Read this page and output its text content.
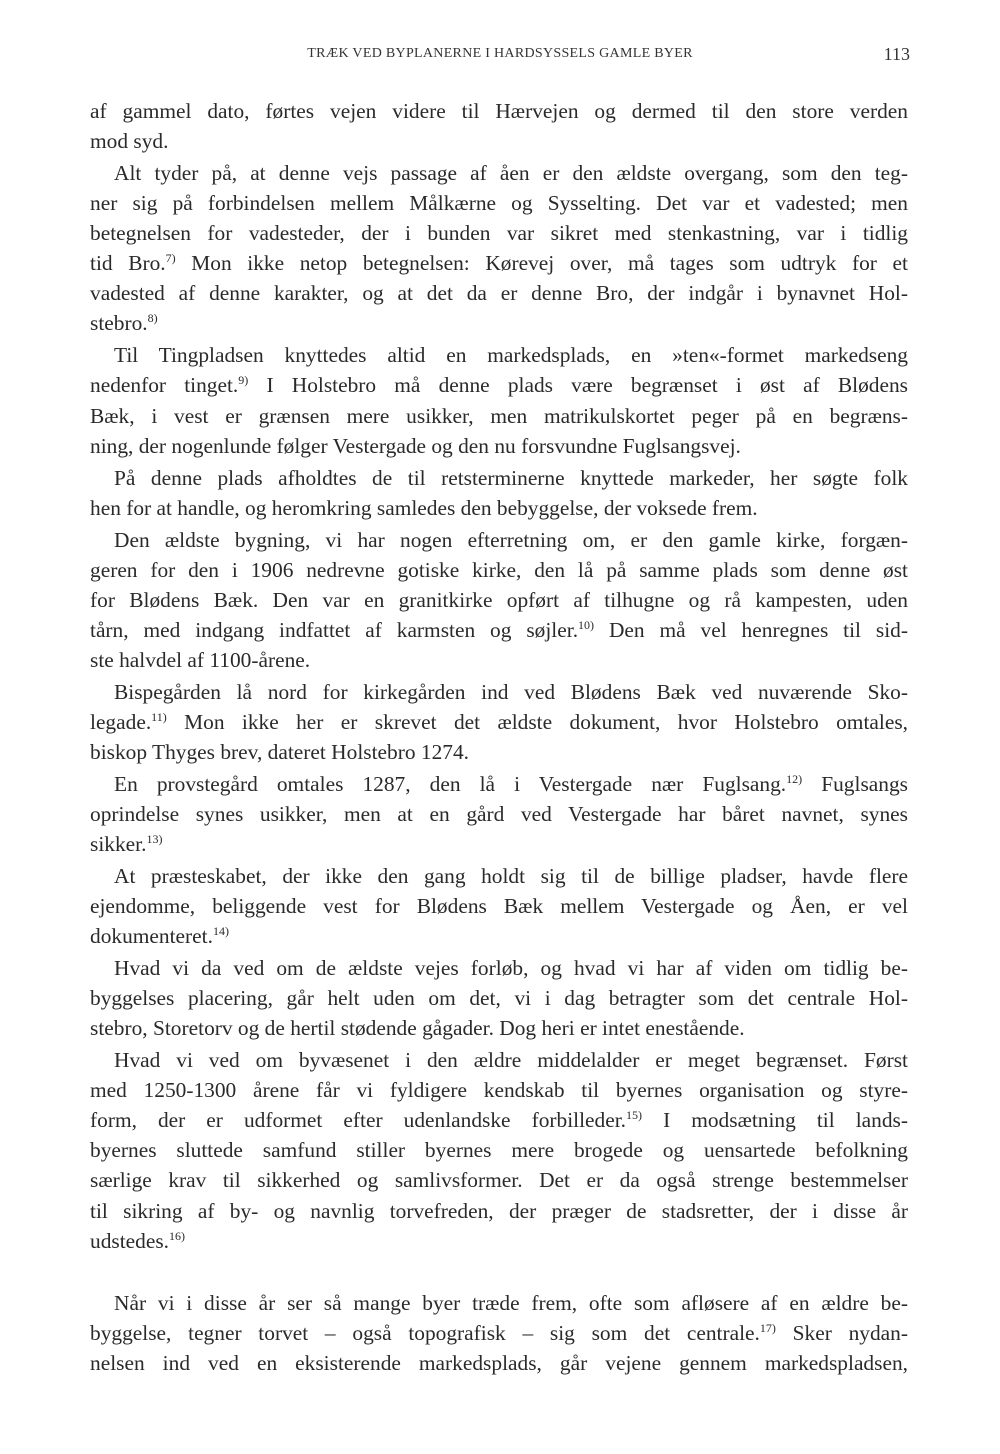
TRÆK VED BYPLANERNE I HARDSYSSELS GAMLE BYER	113
af gammel dato, førtes vejen videre til Hærvejen og dermed til den store verden
mod syd.
Alt tyder på, at denne vejs passage af åen er den ældste overgang, som den teg-
ner sig på forbindelsen mellem Målkærne og Sysselting. Det var et vadested; men
betegnelsen for vadesteder, der i bunden var sikret med stenkastning, var i tidlig
tid Bro.$^{7)}$ Mon ikke netop betegnelsen: Kørevej over, må tages som udtryk for et
vadested af denne karakter, og at det da er denne Bro, der indgår i bynavnet Hol-
stebro.$^{8)}$
Til Tingpladsen knyttedes altid en markedsplads, en »ten«-formet markedseng
nedenfor tinget.$^{9)}$ I Holstebro må denne plads være begrænset i øst af Blødens
Bæk, i vest er grænsen mere usikker, men matrikulskortet peger på en begræns-
ning, der nogenlunde følger Vestergade og den nu forsvundne Fuglsangsvej.
På denne plads afholdtes de til retsterminerne knyttede markeder, her søgte folk
hen for at handle, og heromkring samledes den bebyggelse, der voksede frem.
Den ældste bygning, vi har nogen efterretning om, er den gamle kirke, forgæn-
geren for den i 1906 nedrevne gotiske kirke, den lå på samme plads som denne øst
for Blødens Bæk. Den var en granitkirke opført af tilhugne og rå kampesten, uden
tårn, med indgang indfattet af karmsten og søjler.$^{10)}$ Den må vel henregnes til sid-
ste halvdel af 1100-årene.
Bispegården lå nord for kirkegården ind ved Blødens Bæk ved nuværende Sko-
legade.$^{11)}$ Mon ikke her er skrevet det ældste dokument, hvor Holstebro omtales,
biskop Thyges brev, dateret Holstebro 1274.
En provstegård omtales 1287, den lå i Vestergade nær Fuglsang.$^{12)}$ Fuglsangs
oprindelse synes usikker, men at en gård ved Vestergade har båret navnet, synes
sikker.$^{13)}$
At præsteskabet, der ikke den gang holdt sig til de billige pladser, havde flere
ejendomme, beliggende vest for Blødens Bæk mellem Vestergade og Åen, er vel
dokumenteret.$^{14)}$
Hvad vi da ved om de ældste vejes forløb, og hvad vi har af viden om tidlig be-
byggelses placering, går helt uden om det, vi i dag betragter som det centrale Hol-
stebro, Storetorv og de hertil stødende gågader. Dog heri er intet enestående.
Hvad vi ved om byvæsenet i den ældre middelalder er meget begrænset. Først
med 1250-1300 årene får vi fyldigere kendskab til byernes organisation og styre-
form, der er udformet efter udenlandske forbilleder.$^{15)}$ I modsætning til lands-
byernes sluttede samfund stiller byernes mere brogede og uensartede befolkning
særlige krav til sikkerhed og samlivsformer. Det er da også strenge bestemmelser
til sikring af by- og navnlig torvefreden, der præger de stadsretter, der i disse år
udstedes.$^{16)}$
Når vi i disse år ser så mange byer træde frem, ofte som afløsere af en ældre be-
byggelse, tegner torvet – også topografisk – sig som det centrale.$^{17)}$ Sker nydan-
nelsen ind ved en eksisterende markedsplads, går vejene gennem markedspladsen,
